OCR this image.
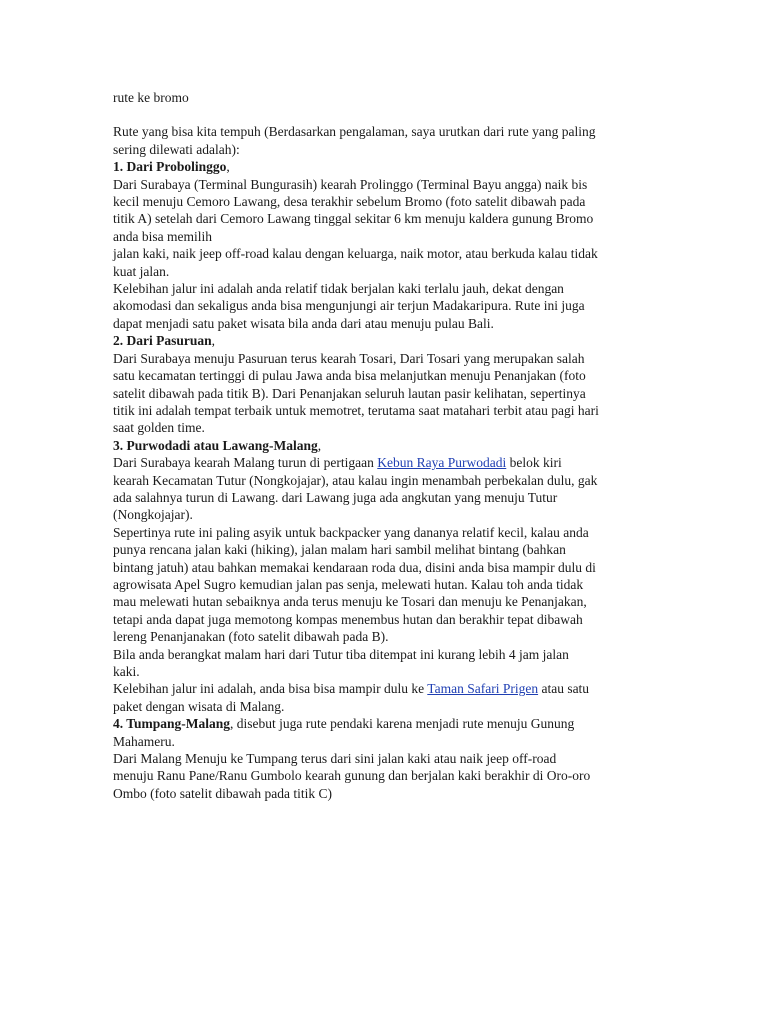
rute ke bromo

Rute yang bisa kita tempuh (Berdasarkan pengalaman, saya urutkan dari rute yang paling
sering dilewati adalah):

1. Dari Probolinggo,

Dari Surabaya (Terminal Bungurasih) kearah Prolinggo (Terminal Bayu angga) naik bis
kecil menuju Cemoro Lawang, desa terakhir sebelum Bromo (foto satelit dibawah pada
titik A) setelah dari Cemoro Lawang tinggal sekitar 6 km menuju kaldera gunung Bromo
anda bisa memilih
jalan kaki, naik jeep off-road kalau dengan keluarga, naik motor, atau berkuda kalau tidak
kuat jalan.

Kelebihan jalur ini adalah anda relatif tidak berjalan kaki terlalu jauh, dekat dengan
akomodasi dan sekaligus anda bisa mengunjungi air terjun Madakaripura. Rute ini juga
dapat menjadi satu paket wisata bila anda dari atau menuju pulau Bali.

2. Dari Pasuruan,

Dari Surabaya menuju Pasuruan terus kearah Tosari, Dari Tosari yang merupakan salah
satu kecamatan tertinggi di pulau Jawa anda bisa melanjutkan menuju Penanjakan (foto
satelit dibawah pada titik B). Dari Penanjakan seluruh lautan pasir kelihatan, sepertinya
titik ini adalah tempat terbaik untuk memotret, terutama saat matahari terbit atau pagi hari
saat golden time.

3. Purwodadi atau Lawang-Malang,

Dari Surabaya kearah Malang turun di pertigaan Kebun Raya Purwodadi belok kiri
kearah Kecamatan Tutur (Nongkojajar), atau kalau ingin menambah perbekalan dulu, gak
ada salahnya turun di Lawang. dari Lawang juga ada angkutan yang menuju Tutur
(Nongkojajar).

Sepertinya rute ini paling asyik untuk backpacker yang dananya relatif kecil, kalau anda
punya rencana jalan kaki (hiking), jalan malam hari sambil melihat bintang (bahkan
bintang jatuh) atau bahkan memakai kendaraan roda dua, disini anda bisa mampir dulu di
agrowisata Apel Sugro kemudian jalan pas senja, melewati hutan. Kalau toh anda tidak
mau melewati hutan sebaiknya anda terus menuju ke Tosari dan menuju ke Penanjakan,
tetapi anda dapat juga memotong kompas menembus hutan dan berakhir tepat dibawah
lereng Penanjanakan (foto satelit dibawah pada B).

Bila anda berangkat malam hari dari Tutur tiba ditempat ini kurang lebih 4 jam jalan
kaki.

Kelebihan jalur ini adalah, anda bisa bisa mampir dulu ke Taman Safari Prigen atau satu
paket dengan wisata di Malang.

4. Tumpang-Malang, disebut juga rute pendaki karena menjadi rute menuju Gunung
Mahameru.

Dari Malang Menuju ke Tumpang terus dari sini jalan kaki atau naik jeep off-road
menuju Ranu Pane/Ranu Gumbolo kearah gunung dan berjalan kaki berakhir di Oro-oro
Ombo (foto satelit dibawah pada titik C)
